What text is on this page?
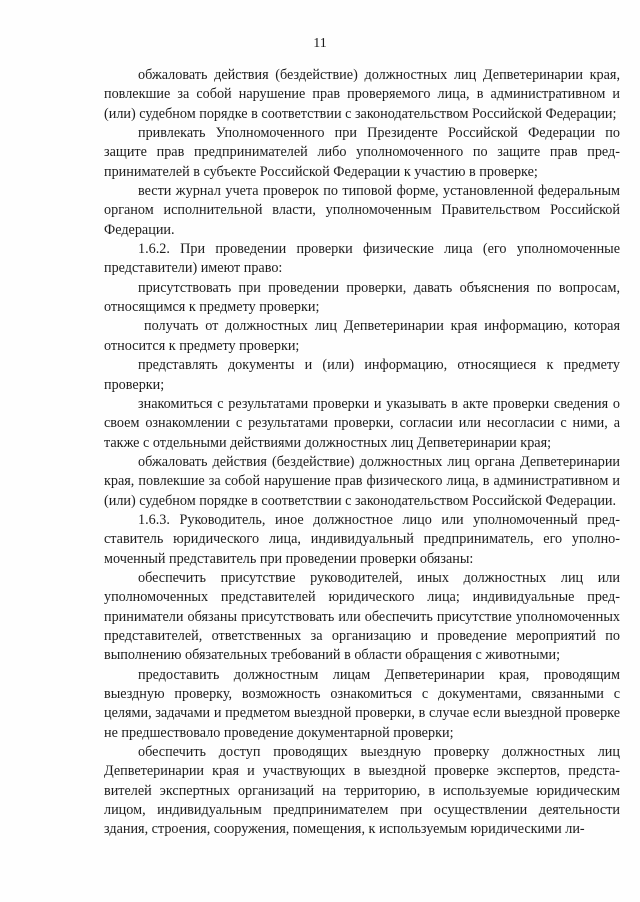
11

обжаловать действия (бездействие) должностных лиц Депветеринарии края, повлекшие за собой нарушение прав проверяемого лица, в административном и (или) судебном порядке в соответствии с законодательством Российской Федерации;

привлекать Уполномоченного при Президенте Российской Федерации по защите прав предпринимателей либо уполномоченного по защите прав предпринимателей в субъекте Российской Федерации к участию в проверке;

вести журнал учета проверок по типовой форме, установленной федеральным органом исполнительной власти, уполномоченным Правительством Российской Федерации.

1.6.2. При проведении проверки физические лица (его уполномоченные представители) имеют право:

присутствовать при проведении проверки, давать объяснения по вопросам, относящимся к предмету проверки;

получать от должностных лиц Депветеринарии края информацию, которая относится к предмету проверки;

представлять документы и (или) информацию, относящиеся к предмету проверки;

знакомиться с результатами проверки и указывать в акте проверки сведения о своем ознакомлении с результатами проверки, согласии или несогласии с ними, а также с отдельными действиями должностных лиц Депветеринарии края;

обжаловать действия (бездействие) должностных лиц органа Депветеринарии края, повлекшие за собой нарушение прав физического лица, в административном и (или) судебном порядке в соответствии с законодательством Российской Федерации.

1.6.3. Руководитель, иное должностное лицо или уполномоченный представитель юридического лица, индивидуальный предприниматель, его уполномоченный представитель при проведении проверки обязаны:

обеспечить присутствие руководителей, иных должностных лиц или уполномоченных представителей юридического лица; индивидуальные предприниматели обязаны присутствовать или обеспечить присутствие уполномоченных представителей, ответственных за организацию и проведение мероприятий по выполнению обязательных требований в области обращения с животными;

предоставить должностным лицам Депветеринарии края, проводящим выездную проверку, возможность ознакомиться с документами, связанными с целями, задачами и предметом выездной проверки, в случае если выездной проверке не предшествовало проведение документарной проверки;

обеспечить доступ проводящих выездную проверку должностных лиц Депветеринарии края и участвующих в выездной проверке экспертов, представителей экспертных организаций на территорию, в используемые юридическим лицом, индивидуальным предпринимателем при осуществлении деятельности здания, строения, сооружения, помещения, к используемым юридическими ли-
